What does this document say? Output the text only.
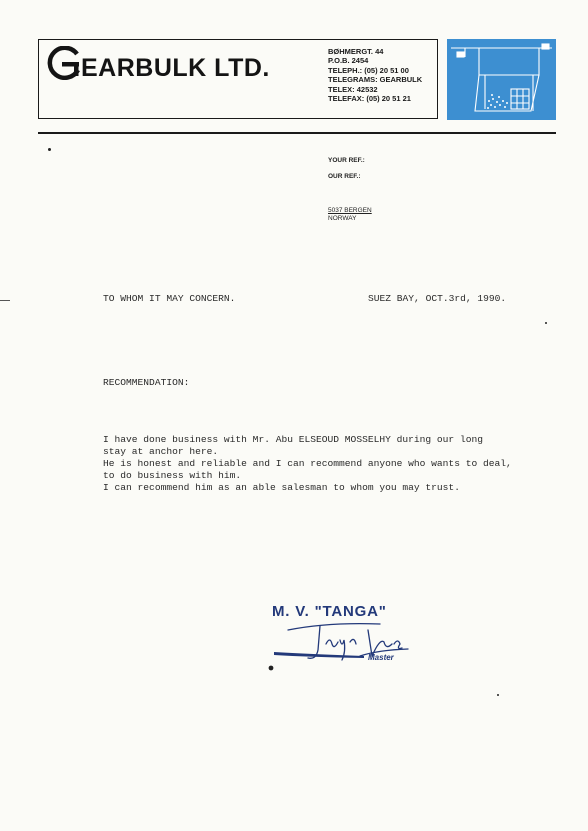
EARBULK LTD.
BØHMERGT. 44
P.O.B. 2454
TELEPH.: (05) 20 51 00
TELEGRAMS: GEARBULK
TELEX: 42532
TELEFAX: (05) 20 51 21
YOUR REF.:
OUR REF.:
5037 BERGEN
NORWAY
TO WHOM IT MAY CONCERN.	SUEZ BAY, OCT.3rd, 1990.
RECOMMENDATION:
I have done business with Mr. Abu ELSEOUD MOSSELHY during our long
stay at anchor here.
He is honest and reliable and I can recommend anyone who wants to deal,
to do business with him.
I can recommend him as an able salesman to whom you may trust.
M. V. "TANGA"
Master
